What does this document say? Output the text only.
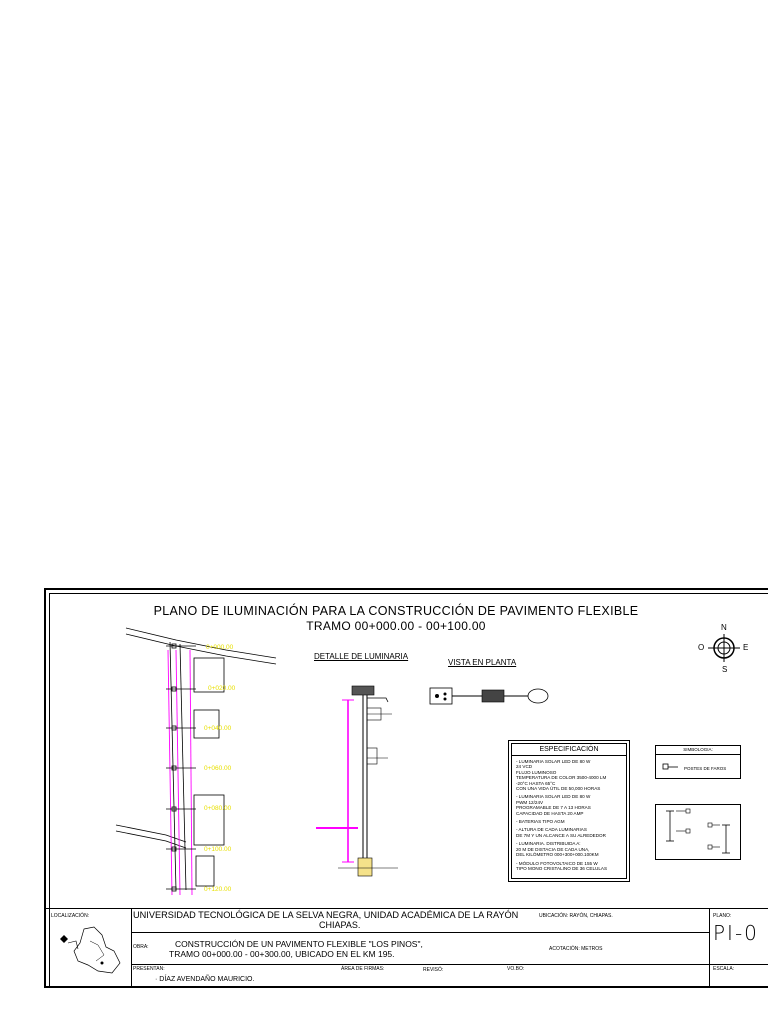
PLANO DE ILUMINACIÓN PARA LA CONSTRUCCIÓN DE PAVIMENTO FLEXIBLE
TRAMO 00+000.00 - 00+100.00
0+000.00
0+020.00
0+040.00
0+060.00
0+080.00
0+100.00
0+120.00
DETALLE DE LUMINARIA
VISTA EN PLANTA
N
S
E
O
ESPECIFICACIÓN

- LUMINARIA SOLAR LED DE 80 W
24 VCD
FLUJO LUMINOSO
TEMPERATURA DE COLOR 3500-4000 LM
-20°C HASTA 65°C
CON UNA VIDA ÚTIL DE 50,000 HORAS

- LUMINARIA SOLAR LED DE 80 W
PWM 12/24V
PROGRAMABLE DE 7 A 13 HORAS
CAPACIDAD DE HASTA 20 AMP

- BATERIAS TIPO AGM

- ALTURA DE CADA LUMINARIAS
DE 7M Y UN ALCANCE A SU ALREDEDOR

- LUMINARIA. DISTRIBUIDA A:
20 M DE DISTACIA DE CADA UNA,
DEL KILÓMETRO 000+300+000.100KM

- MÓDULO FOTOVOLTAICO DE 155 W
TIPO MONO CRISTALINO DE 36 CELULAS

SIMBOLOGIA:
POSTES DE FAROS
LOCALIZACIÓN:	UNIVERSIDAD TECNOLÓGICA DE LA SELVA NEGRA, UNIDAD ACADÉMICA DE LA RAYÓN
CHIAPAS.
UBICACIÓN: RAYÓN, CHIAPAS.
OBRA:	CONSTRUCCIÓN DE UN PAVIMENTO FLEXIBLE "LOS PINOS",
TRAMO 00+000.00 - 00+300.00, UBICADO EN EL KM 195.	ACOTACIÓN: METROS
PRESENTAN:	ÁREA DE FIRMAS:	REVISÓ:	VO.BO:
· DÍAZ AVENDAÑO MAURICIO.
PLANO:
PI-0
ESCALA:
